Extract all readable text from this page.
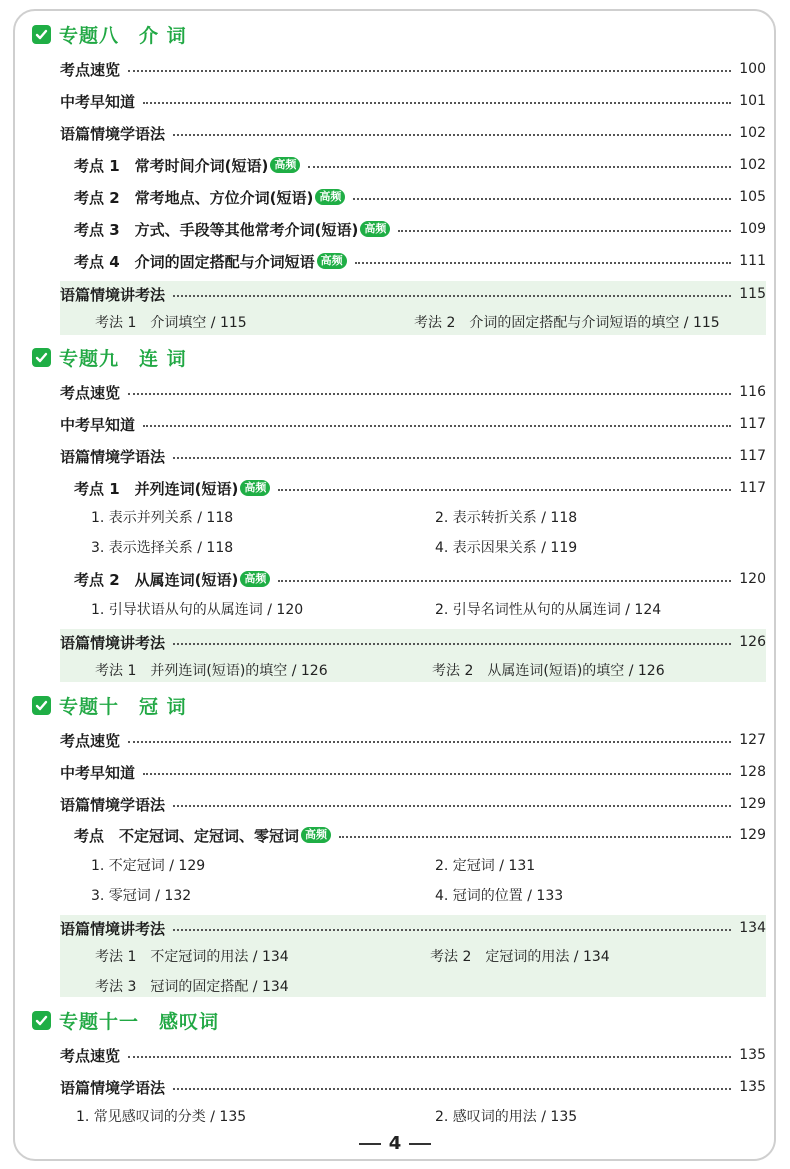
专题八　介 词
考点速览	100
中考早知道	101
语篇情境学语法	102
考点 1　常考时间介词(短语) 高频	102
考点 2　常考地点、方位介词(短语) 高频	105
考点 3　方式、手段等其他常考介词(短语) 高频	109
考点 4　介词的固定搭配与介词短语 高频	111
语篇情境讲考法	115
考法 1　介词填空 / 115	考法 2　介词的固定搭配与介词短语的填空 / 115
专题九　连 词
考点速览	116
中考早知道	117
语篇情境学语法	117
考点 1　并列连词(短语) 高频	117
1. 表示并列关系 / 118	2. 表示转折关系 / 118
3. 表示选择关系 / 118	4. 表示因果关系 / 119
考点 2　从属连词(短语) 高频	120
1. 引导状语从句的从属连词 / 120	2. 引导名词性从句的从属连词 / 124
语篇情境讲考法	126
考法 1　并列连词(短语)的填空 / 126	考法 2　从属连词(短语)的填空 / 126
专题十　冠 词
考点速览	127
中考早知道	128
语篇情境学语法	129
考点　不定冠词、定冠词、零冠词 高频	129
1. 不定冠词 / 129	2. 定冠词 / 131
3. 零冠词 / 132	4. 冠词的位置 / 133
语篇情境讲考法	134
考法 1　不定冠词的用法 / 134	考法 2　定冠词的用法 / 134
考法 3　冠词的固定搭配 / 134
专题十一　感叹词
考点速览	135
语篇情境学语法	135
1. 常见感叹词的分类 / 135	2. 感叹词的用法 / 135
4
